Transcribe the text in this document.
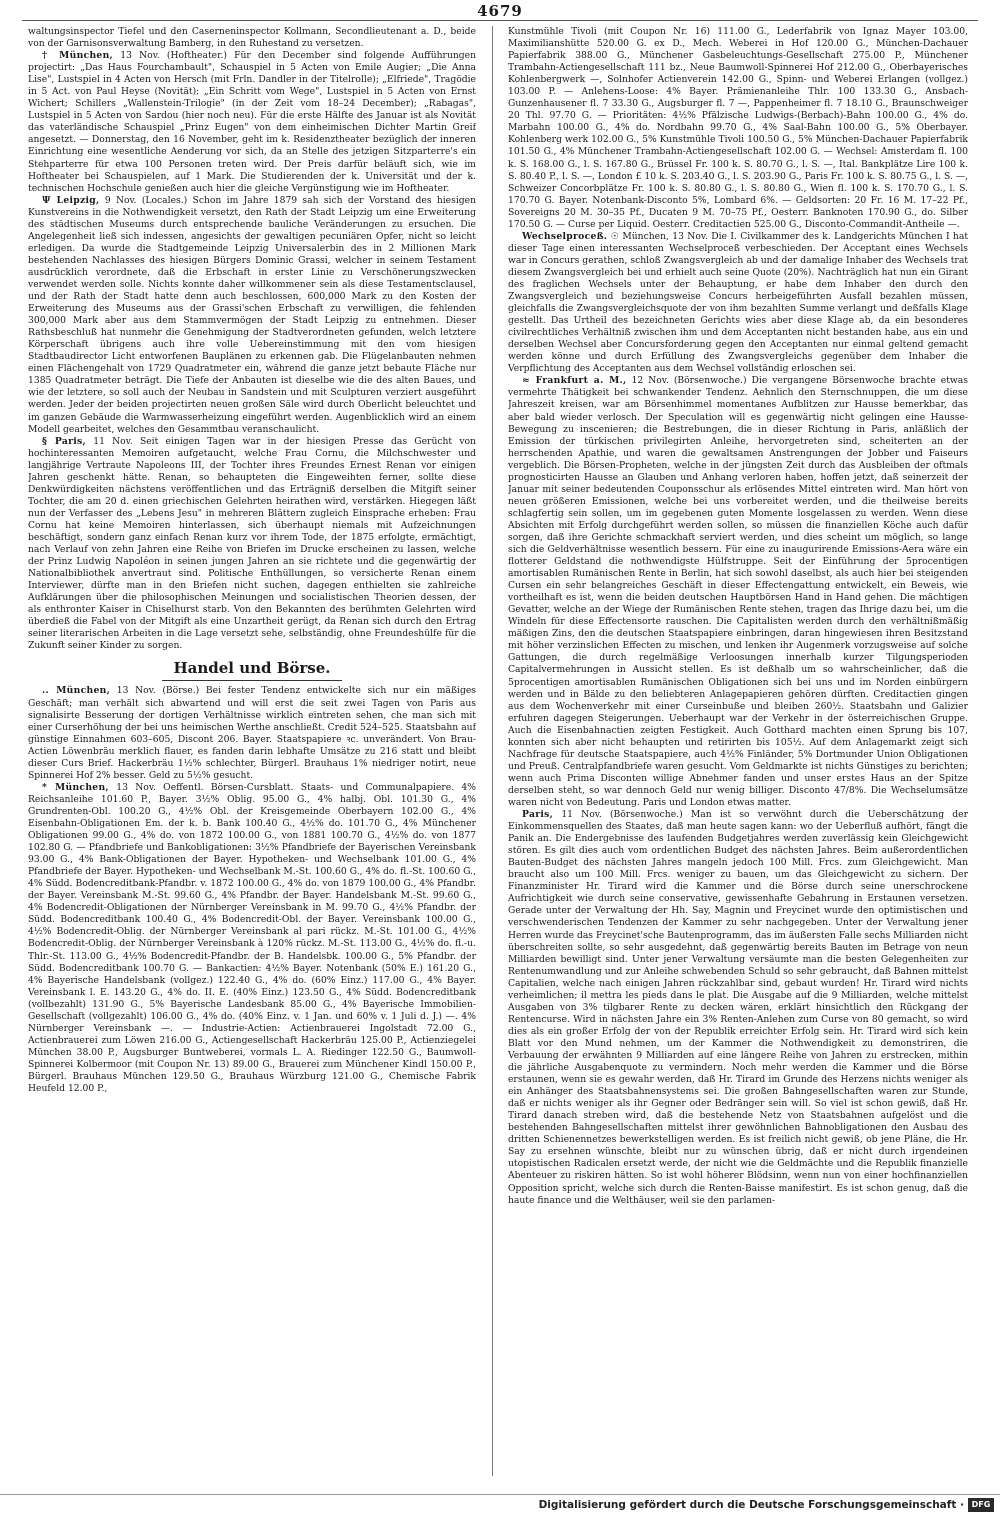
4679

waltungsinspector Tiefel und den Caserneninspector Kollmann, Secondlieutenant a. D., beide von der Garnisonsverwaltung Bamberg, in den Ruhestand zu versetzen.

† München, 13 Nov. (Hoftheater.) Für den December sind folgende Aufführungen projectirt: „Das Haus Fourchambault", Schauspiel in 5 Acten von Emile Augier; „Die Anna Lise", Lustspiel in 4 Acten von Hersch (mit Frln. Dandler in der Titelrolle); „Elfriede", Tragödie in 5 Act. von Paul Heyse (Novität); „Ein Schritt vom Wege", Lustspiel in 5 Acten von Ernst Wichert; Schillers „Wallenstein-Trilogie" (in der Zeit vom 18–24 December); „Rabagas", Lustspiel in 5 Acten von Sardou (hier noch neu). Für die erste Hälfte des Januar ist als Novität das vaterländische Schauspiel „Prinz Eugen" von dem einheimischen Dichter Martin Greif angesetzt. — Donnerstag, den 16 November, geht im k. Residenztheater bezüglich der inneren Einrichtung eine wesentliche Aenderung vor sich, da an Stelle des jetzigen Sitzparterre's ein Stehparterre für etwa 100 Personen treten wird. Der Preis darfür beläuft sich, wie im Hoftheater bei Schauspielen, auf 1 Mark. Die Studierenden der k. Universität und der k. technischen Hochschule genießen auch hier die gleiche Vergünstigung wie im Hoftheater.

Ψ Leipzig, 9 Nov. (Locales.) Schon im Jahre 1879 sah sich der Vorstand des hiesigen Kunstvereins in die Nothwendigkeit versetzt, den Rath der Stadt Leipzig um eine Erweiterung des städtischen Museums durch entsprechende bauliche Veränderungen zu ersuchen. Die Angelegenheit ließ sich indessen, angesichts der gewaltigen pecuniären Opfer, nicht so leicht erledigen. Da wurde die Stadtgemeinde Leipzig Universalerbin des in 2 Millionen Mark bestehenden Nachlasses des hiesigen Bürgers Dominic Grassi, welcher in seinem Testament ausdrücklich verordnete, daß die Erbschaft in erster Linie zu Verschönerungszwecken verwendet werden solle. Nichts konnte daher willkommener sein als diese Testamentsclausel, und der Rath der Stadt hatte denn auch beschlossen, 600,000 Mark zu den Kosten der Erweiterung des Museums aus der Grassi'schen Erbschaft zu verwilligen, die fehlenden 300,000 Mark aber aus dem Stammvermögen der Stadt Leipzig zu entnehmen. Dieser Rathsbeschluß hat nunmehr die Genehmigung der Stadtverordneten gefunden, welch letztere Körperschaft übrigens auch ihre volle Uebereinstimmung mit den vom hiesigen Stadtbaudirector Licht entworfenen Bauplänen zu erkennen gab. Die Flügelanbauten nehmen einen Flächengehalt von 1729 Quadratmeter ein, während die ganze jetzt bebaute Fläche nur 1385 Quadratmeter beträgt. Die Tiefe der Anbauten ist dieselbe wie die des alten Baues, und wie der letztere, so soll auch der Neubau in Sandstein und mit Sculpturen verziert ausgeführt werden. Jeder der beiden projectirten neuen großen Säle wird durch Oberlicht beleuchtet und im ganzen Gebäude die Warmwasserheizung eingeführt werden. Augenblicklich wird an einem Modell gearbeitet, welches den Gesammtbau veranschaulicht.

§ Paris, 11 Nov. Seit einigen Tagen war in der hiesigen Presse das Gerücht von hochinteressanten Memoiren aufgetaucht, welche Frau Cornu, die Milchschwester und langjährige Vertraute Napoleons III, der Tochter ihres Freundes Ernest Renan vor einigen Jahren geschenkt hätte. Renan, so behaupteten die Eingeweihten ferner, sollte diese Denkwürdigkeiten nächstens veröffentlichen und das Erträgniß derselben die Mitgift seiner Tochter, die am 20 d. einen griechischen Gelehrten heirathen wird, verstärken. Hiegegen läßt nun der Verfasser des „Lebens Jesu" in mehreren Blättern zugleich Einsprache erheben: Frau Cornu hat keine Memoiren hinterlassen, sich überhaupt niemals mit Aufzeichnungen beschäftigt, sondern ganz einfach Renan kurz vor ihrem Tode, der 1875 erfolgte, ermächtigt, nach Verlauf von zehn Jahren eine Reihe von Briefen im Drucke erscheinen zu lassen, welche der Prinz Ludwig Napoléon in seinen jungen Jahren an sie richtete und die gegenwärtig der Nationalbibliothek anvertraut sind. Politische Enthüllungen, so versicherte Renan einem Interviewer, dürfte man in den Briefen nicht suchen, dagegen enthielten sie zahlreiche Aufklärungen über die philosophischen Meinungen und socialistischen Theorien dessen, der als enthronter Kaiser in Chiselhurst starb. Von den Bekannten des berühmten Gelehrten wird überdieß die Fabel von der Mitgift als eine Unzartheit gerügt, da Renan sich durch den Ertrag seiner literarischen Arbeiten in die Lage versetzt sehe, selbständig, ohne Freundeshülfe für die Zukunft seiner Kinder zu sorgen.

Handel und Börse.

.. München, 13 Nov. (Börse.) Bei fester Tendenz entwickelte sich nur ein mäßiges Geschäft; man verhält sich abwartend und will erst die seit zwei Tagen von Paris aus signalisirte Besserung der dortigen Verhältnisse wirklich eintreten sehen, che man sich mit einer Curserhöhung der bei uns heimischen Werthe anschließt. Credit 524–525. Staatsbahn auf günstige Einnahmen 603–605, Discont 206. Bayer. Staatspapiere ꝛc. unverändert. Von Brau-Actien Löwenbräu merklich flauer, es fanden darin lebhafte Umsätze zu 216 statt und bleibt dieser Curs Brief. Hackerbräu 1½% schlechter, Bürgerl. Brauhaus 1% niedriger notirt, neue Spinnerei Hof 2% besser. Geld zu 5½% gesucht.

* München, 13 Nov. Oeffentl. Börsen-Cursblatt. Staats- und Communalpapiere. 4% Reichsanleihe 101.60 P., Bayer. 3½% Oblig. 95.00 G., 4% halbj. Obl. 101.30 G., 4% Grundrenten-Obl. 100.20 G., 4½% Obl. der Kreisgemeinde Oberbayern 102.00 G., 4% Eisenbahn-Obligationen Em. der k. b. Bank 100.40 G., 4½% do. 101.70 G., 4% Münchener Obligationen 99.00 G., 4% do. von 1872 100.00 G., von 1881 100.70 G., 4½% do. von 1877 102.80 G. — Pfandbriefe und Bankobligationen: 3½% Pfandbriefe der Bayerischen Vereinsbank 93.00 G., 4% Bank-Obligationen der Bayer. Hypotheken- und Wechselbank 101.00 G., 4% Pfandbriefe der Bayer. Hypotheken- und Wechselbank M.-St. 100.60 G., 4% do. fl.-St. 100.60 G., 4% Südd. Bodencreditbank-Pfandbr. v. 1872 100.00 G., 4% do. von 1879 100.00 G., 4% Pfandbr. der Bayer. Vereinsbank M.-St. 99.60 G., 4% Pfandbr. der Bayer. Handelsbank M.-St. 99.60 G., 4% Bodencredit-Obligationen der Nürnberger Vereinsbank in M. 99.70 G., 4½% Pfandbr. der Südd. Bodencreditbank 100.40 G., 4% Bodencredit-Obl. der Bayer. Vereinsbank 100.00 G., 4½% Bodencredit-Oblig. der Nürnberger Vereinsbank al pari rückz. M.-St. 101.00 G., 4½% Bodencredit-Oblig. der Nürnberger Vereinsbank à 120% rückz. M.-St. 113.00 G., 4½% do. fl.-u. Thlr.-St. 113.00 G., 4½% Bodencredit-Pfandbr. der B. Handelsbk. 100.00 G., 5% Pfandbr. der Südd. Bodencreditbank 100.70 G. — Bankactien: 4½% Bayer. Notenbank (50% E.) 161.20 G., 4% Bayerische Handelsbank (vollgez.) 122.40 G., 4% do. (60% Einz.) 117.00 G., 4% Bayer. Vereinsbank l. E. 143.20 G., 4% do. II. E. (40% Einz.) 123.50 G., 4% Südd. Bodencreditbank (vollbezahlt) 131.90 G., 5% Bayerische Landesbank 85.00 G., 4% Bayerische Immobilien-Gesellschaft (vollgezahlt) 106.00 G., 4% do. (40% Einz. v. 1 Jan. und 60% v. 1 Juli d. J.) —. 4% Nürnberger Vereinsbank —. — Industrie-Actien: Actienbrauerei Ingolstadt 72.00 G., Actienbrauerei zum Löwen 216.00 G., Actiengesellschaft Hackerbräu 125.00 P., Actienziegelei München 38.00 P., Augsburger Buntweberei, vormals L. A. Riedinger 122.50 G., Baumwoll-Spinnerei Kolbermoor (mit Coupon Nr. 13) 89.00 G., Brauerei zum Münchener Kindl 150.00 P., Bürgerl. Brauhaus München 129.50 G., Brauhaus Würzburg 121.00 G., Chemische Fabrik Heufeld 12.00 P.,

Kunstmühle Tivoli (mit Coupon Nr. 16) 111.00 G., Lederfabrik von Ignaz Mayer 103.00, Maximilianshütte 520.00 G. ex D., Mech. Weberei in Hof 120.00 G., München-Dachauer Papierfabrik 388.00 G., Münchener Gasbeleuchtungs-Gesellschaft 275.00 P., Münchener Trambahn-Actiengesellschaft 111 bz., Neue Baumwoll-Spinnerei Hof 212.00 G., Oberbayerisches Kohlenbergwerk —, Solnhofer Actienverein 142.00 G., Spinn- und Weberei Erlangen (vollgez.) 103.00 P. — Anlehens-Loose: 4% Bayer. Prämienanleihe Thlr. 100 133.30 G., Ansbach-Gunzenhausener fl. 7 33.30 G., Augsburger fl. 7 —, Pappenheimer fl. 7 18.10 G., Braunschweiger 20 Thl. 97.70 G. — Prioritäten: 4½% Pfälzische Ludwigs-(Berbach)-Bahn 100.00 G., 4% do. Marbahn 100.00 G., 4% do. Nordbahn 99.70 G., 4% Saal-Bahn 100.00 G., 5% Oberbayer. Kohlenberg werk 102.00 G., 5% Kunstmühle Tivoli 100.50 G., 5% München-Dachauer Papierfabrik 101.50 G., 4% Münchener Trambahn-Actiengesellschaft 102.00 G. — Wechsel: Amsterdam fl. 100 k. S. 168.00 G., l. S. 167.80 G., Brüssel Fr. 100 k. S. 80.70 G., l. S. —, Ital. Bankplätze Lire 100 k. S. 80.40 P., l. S. —, London £ 10 k. S. 203.40 G., l. S. 203.90 G., Paris Fr. 100 k. S. 80.75 G., l. S. —, Schweizer Concorbplätze Fr. 100 k. S. 80.80 G., l. S. 80.80 G., Wien fl. 100 k. S. 170.70 G., l. S. 170.70 G. Bayer. Notenbank-Disconto 5%, Lombard 6%. — Geldsorten: 20 Fr. 16 M. 17–22 Pf., Sovereigns 20 M. 30–35 Pf., Ducaten 9 M. 70–75 Pf., Oesterr. Banknoten 170.90 G., do. Silber 170.50 G. — Curse per Liquid. Oesterr. Creditactien 525.00 G., Disconto-Commandit-Antheile —.

Wechselproceß. ☉ München, 13 Nov. Die I. Civilkammer des k. Landgerichts München I hat dieser Tage einen interessanten Wechselproceß verbeschieden. Der Acceptant eines Wechsels war in Concurs gerathen, schloß Zwangsvergleich ab und der damalige Inhaber des Wechsels trat diesem Zwangsvergleich bei und erhielt auch seine Quote (20%). Nachträglich hat nun ein Girant des fraglichen Wechsels unter der Behauptung, er habe dem Inhaber den durch den Zwangsvergleich und beziehungsweise Concurs herbeigeführten Ausfall bezahlen müssen, gleichfalls die Zwangsvergleichsquote der von ihm bezahlten Summe verlangt und deßfalls Klage gestellt. Das Urtheil des bezeichneten Gerichts wies aber diese Klage ab, da ein besonderes civilrechtliches Verhältniß zwischen ihm und dem Acceptanten nicht bestanden habe, aus ein und derselben Wechsel aber Concursforderung gegen den Acceptanten nur einmal geltend gemacht werden könne und durch Erfüllung des Zwangsvergleichs gegenüber dem Inhaber die Verpflichtung des Acceptanten aus dem Wechsel vollständig erloschen sei.

≈ Frankfurt a. M., 12 Nov. (Börsenwoche.) Die vergangene Börsenwoche brachte etwas vermehrte Thätigkeit bei schwankender Tendenz. Aehnlich den Sternschnuppen, die um diese Jahreszeit kreisen, war am Börsenhimmel momentanes Aufblitzen zur Hausse bemerkbar, das aber bald wieder verlosch. Der Speculation will es gegenwärtig nicht gelingen eine Hausse-Bewegung zu inscenieren; die Bestrebungen, die in dieser Richtung in Paris, anläßlich der Emission der türkischen privilegirten Anleihe, hervorgetreten sind, scheiterten an der herrschenden Apathie, und waren die gewaltsamen Anstrengungen der Jobber und Faiseurs vergeblich. Die Börsen-Propheten, welche in der jüngsten Zeit durch das Ausbleiben der oftmals prognosticirten Hausse an Glauben und Anhang verloren haben, hoffen jetzt, daß seinerzeit der Januar mit seiner bedeutenden Couponsschur als erlösendes Mittel eintreten wird. Man hört von neuen größeren Emissionen, welche bei uns vorbereitet werden, und die theilweise bereits schlagfertig sein sollen, um im gegebenen guten Momente losgelassen zu werden. Wenn diese Absichten mit Erfolg durchgeführt werden sollen, so müssen die finanziellen Köche auch dafür sorgen, daß ihre Gerichte schmackhaft serviert werden, und dies scheint um möglich, so lange sich die Geldverhältnisse wesentlich bessern. Für eine zu inaugurirende Emissions-Aera wäre ein flotterer Geldstand die nothwendigste Hülfstruppe. Seit der Einführung der 5procentigen amortisablen Rumänischen Rente in Berlin, hat sich sowohl daselbst, als auch hier bei steigenden Cursen ein sehr belangreiches Geschäft in dieser Effectengattung entwickelt, ein Beweis, wie vortheilhaft es ist, wenn die beiden deutschen Hauptbörsen Hand in Hand gehen. Die mächtigen Gevatter, welche an der Wiege der Rumänischen Rente stehen, tragen das Ihrige dazu bei, um die Windeln für diese Effectensorte rauschen. Die Capitalisten werden durch den verhältnißmäßig mäßigen Zins, den die deutschen Staatspapiere einbringen, daran hingewiesen ihren Besitzstand mit höher verzinslichen Effecten zu mischen, und lenken ihr Augenmerk vorzugsweise auf solche Gattungen, die durch regelmäßige Verloosungen innerhalb kurzer Tilgungsperioden Capitalvermehrungen in Aussicht stellen. Es ist deßhalb um so wahrscheinlicher, daß die 5procentigen amortisablen Rumänischen Obligationen sich bei uns und im Norden einbürgern werden und in Bälde zu den beliebteren Anlagepapieren gehören dürften. Creditactien gingen aus dem Wochenverkehr mit einer Curseinbuße und bleiben 260½. Staatsbahn und Galizier erfuhren dagegen Steigerungen. Ueberhaupt war der Verkehr in der österreichischen Gruppe. Auch die Eisenbahnactien zeigten Festigkeit. Auch Gotthard machten einen Sprung bis 107, konnten sich aber nicht behaupten und retirirten bis 105½. Auf dem Anlagemarkt zeigt sich Nachfrage für deutsche Staatspapiere, auch 4½% Finländer, 5% Dortmunder Union Obligationen und Preuß. Centralpfandbriefe waren gesucht. Vom Geldmarkte ist nichts Günstiges zu berichten; wenn auch Prima Disconten willige Abnehmer fanden und unser erstes Haus an der Spitze derselben steht, so war dennoch Geld nur wenig billiger. Disconto 47/8%. Die Wechselumsätze waren nicht von Bedeutung. Paris und London etwas matter.

Paris, 11 Nov. (Börsenwoche.) Man ist so verwöhnt durch die Ueberschätzung der Einkommensquellen des Staates, daß man heute sagen kann: wo der Ueberfluß aufhört, fängt die Panik an. Die Endergebnisse des laufenden Budgetjahres werden zuverlässig kein Gleichgewicht stören. Es gilt dies auch vom ordentlichen Budget des nächsten Jahres. Beim außerordentlichen Bauten-Budget des nächsten Jahres mangeln jedoch 100 Mill. Frcs. zum Gleichgewicht. Man braucht also um 100 Mill. Frcs. weniger zu bauen, um das Gleichgewicht zu sichern. Der Finanzminister Hr. Tirard wird die Kammer und die Börse durch seine unerschrockene Aufrichtigkeit wie durch seine conservative, gewissenhafte Gebahrung in Erstaunen versetzen. Gerade unter der Verwaltung der Hh. Say, Magnin und Freycinet wurde den optimistischen und verschwenderischen Tendenzen der Kammer zu sehr nachgegeben. Unter der Verwaltung jener Herren wurde das Freycinet'sche Bautenprogramm, das im äußersten Falle sechs Milliarden nicht überschreiten sollte, so sehr ausgedehnt, daß gegenwärtig bereits Bauten im Betrage von neun Milliarden bewilligt sind. Unter jener Verwaltung versäumte man die besten Gelegenheiten zur Rentenumwandlung und zur Anleihe schwebenden Schuld so sehr gebraucht, daß Bahnen mittelst Capitalien, welche nach einigen Jahren rückzahlbar sind, gebaut wurden! Hr. Tirard wird nichts verheimlichen; il mettra les pieds dans le plat. Die Ausgabe auf die 9 Milliarden, welche mittelst Ausgaben von 3% tilgbarer Rente zu decken wären, erklärt hinsichtlich den Rückgang der Rentencurse. Wird in nächsten Jahre ein 3% Renten-Anlehen zum Curse von 80 gemacht, so wird dies als ein großer Erfolg der von der Republik erreichter Erfolg sein. Hr. Tirard wird sich kein Blatt vor den Mund nehmen, um der Kammer die Nothwendigkeit zu demonstriren, die Verbauung der erwähnten 9 Milliarden auf eine längere Reihe von Jahren zu erstrecken, mithin die jährliche Ausgabenquote zu vermindern. Noch mehr werden die Kammer und die Börse erstaunen, wenn sie es gewahr werden, daß Hr. Tirard im Grunde des Herzens nichts weniger als ein Anhänger des Staatsbahnensystems sei. Die großen Bahngesellschaften waren zur Stunde, daß er nichts weniger als ihr Gegner oder Bedränger sein will. So viel ist schon gewiß, daß Hr. Tirard danach streben wird, daß die bestehende Netz von Staatsbahnen aufgelöst und die bestehenden Bahngesellschaften mittelst ihrer gewöhnlichen Bahnobligationen den Ausbau des dritten Schienennetzes bewerkstelligen werden. Es ist freilich nicht gewiß, ob jene Pläne, die Hr. Say zu ersehnen wünschte, bleibt nur zu wünschen übrig, daß er nicht durch irgendeinen utopistischen Radicalen ersetzt werde, der nicht wie die Geldmächte und die Republik finanzielle Abenteuer zu riskiren hätten. So ist wohl höherer Blödsinn, wenn nun von einer hochfinanziellen Opposition spricht, welche sich durch die Renten-Baisse manifestirt. Es ist schon genug, daß die haute finance und die Welthäuser, weil sie den parlamen-

Digitalisierung gefördert durch die Deutsche Forschungsgemeinschaft · DFG
